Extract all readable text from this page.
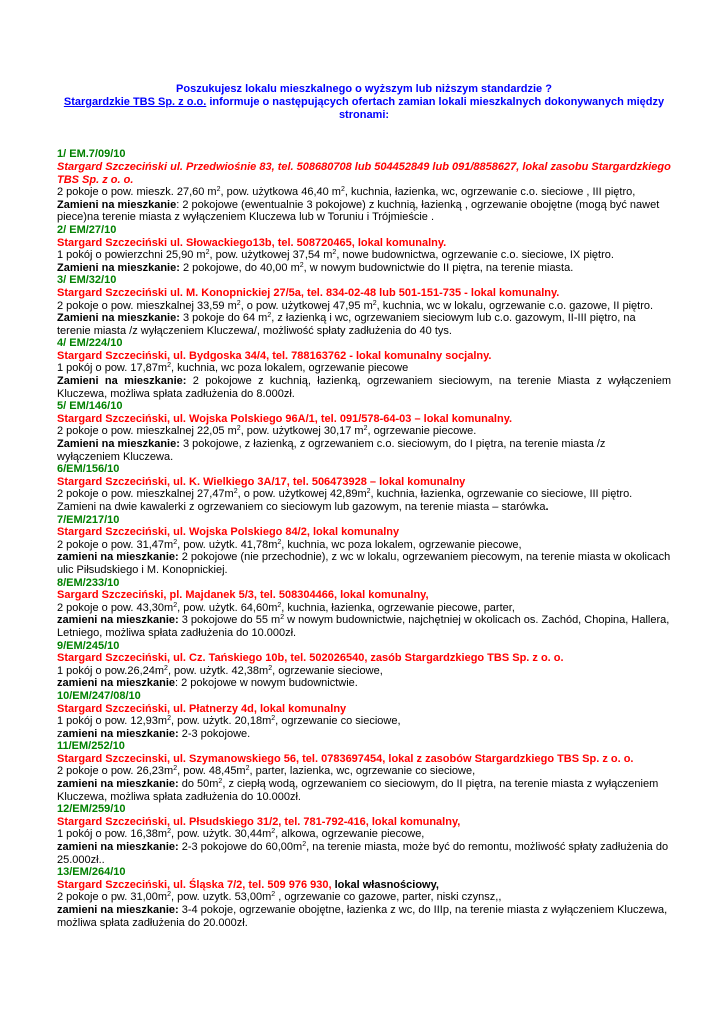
Poszukujesz lokalu mieszkalnego o wyższym lub niższym standardzie ?
Stargardzkie TBS Sp. z o.o. informuje o następujących ofertach zamian lokali mieszkalnych dokonywanych między stronami:
1/ EM.7/09/10
Stargard Szczeciński ul. Przedwiośnie 83, tel. 508680708 lub 504452849 lub 091/8858627, lokal zasobu Stargardzkiego TBS Sp. z o. o.
2 pokoje o pow. mieszk. 27,60 $m^2$, pow. użytkowa 46,40 $m^2$, kuchnia, łazienka, wc, ogrzewanie c.o. sieciowe , III piętro,
Zamieni na mieszkanie: 2 pokojowe (ewentualnie 3 pokojowe) z kuchnią, łazienką , ogrzewanie obojętne (mogą być nawet piece)na terenie miasta z wyłączeniem Kluczewa lub w Toruniu i Trójmieście .
2/ EM/27/10
Stargard Szczeciński ul. Słowackiego13b, tel. 508720465, lokal komunalny.
1 pokój o powierzchni 25,90 $m^2$, pow. użytkowej 37,54 $m^2$, nowe budownictwa, ogrzewanie c.o. sieciowe, IX piętro.
Zamieni na mieszkanie: 2 pokojowe, do 40,00 $m^2$, w nowym budownictwie do II piętra, na terenie miasta.
3/ EM/32/10
Stargard Szczeciński ul. M. Konopnickiej 27/5a, tel. 834-02-48 lub 501-151-735 - lokal komunalny.
2 pokoje o pow. mieszkalnej 33,59 $m^2$, o pow. użytkowej 47,95 $m^2$, kuchnia, wc w lokalu, ogrzewanie c.o. gazowe, II piętro.
Zamieni na mieszkanie: 3 pokoje do 64 $m^2$, z łazienką i wc, ogrzewaniem sieciowym lub c.o. gazowym, II-III piętro, na terenie miasta /z wyłączeniem Kluczewa/, możliwość spłaty zadłużenia do 40 tys.
4/ EM/224/10
Stargard Szczeciński, ul. Bydgoska 34/4, tel. 788163762 - lokal komunalny socjalny.
1 pokój o pow. $17,87m^2$, kuchnia, wc poza lokalem, ogrzewanie piecowe
Zamieni na mieszkanie: 2 pokojowe z kuchnią, łazienką, ogrzewaniem sieciowym, na terenie Miasta z wyłączeniem Kluczewa, możliwa spłata zadłużenia do 8.000zł.
5/ EM/146/10
Stargard Szczeciński, ul. Wojska Polskiego 96A/1, tel. 091/578-64-03 – lokal komunalny.
2 pokoje o pow. mieszkalnej 22,05 $m^2$, pow. użytkowej 30,17 $m^2$, ogrzewanie piecowe.
Zamieni na mieszkanie: 3 pokojowe, z łazienką, z ogrzewaniem c.o. sieciowym, do I piętra, na terenie miasta /z wyłączeniem Kluczewa.
6/EM/156/10
Stargard Szczeciński, ul. K. Wielkiego 3A/17, tel. 506473928 – lokal komunalny
2 pokoje o pow. mieszkalnej $27,47m^2$, o pow. użytkowej $42,89m^2$, kuchnia, łazienka, ogrzewanie co sieciowe, III piętro.
Zamieni na dwie kawalerki z ogrzewaniem co sieciowym lub gazowym, na terenie miasta – starówka.
7/EM/217/10
Stargard Szczeciński, ul. Wojska Polskiego 84/2, lokal komunalny
2 pokoje o pow. $31,47m^2$, pow. użytk. $41,78m^2$, kuchnia, wc poza lokalem, ogrzewanie piecowe,
zamieni na mieszkanie: 2 pokojowe (nie przechodnie), z wc w lokalu, ogrzewaniem piecowym, na terenie miasta w okolicach ulic Piłsudskiego i M. Konopnickiej.
8/EM/233/10
Sargard Szczeciński, pl. Majdanek 5/3, tel. 508304466, lokal komunalny,
2 pokoje o pow. $43,30m^2$, pow. użytk. $64,60m^2$, kuchnia, łazienka, ogrzewanie piecowe, parter,
zamieni na mieszkanie: 3 pokojowe do 55 $m^2$ w nowym budownictwie, najchętniej w okolicach os. Zachód, Chopina, Hallera, Letniego, możliwa spłata zadłużenia do 10.000zł.
9/EM/245/10
Stargard Szczeciński, ul. Cz. Tańskiego 10b, tel. 502026540, zasób Stargardzkiego TBS Sp. z o. o.
1 pokój o $pow.26,24m^2$, pow. użytk. $42,38m^2$, ogrzewanie sieciowe,
zamieni na mieszkanie: 2 pokojowe w nowym budownictwie.
10/EM/247/08/10
Stargard Szczeciński, ul. Płatnerzy 4d, lokal komunalny
1 pokój o pow. $12,93m^2$, pow. użytk. $20,18m^2$, ogrzewanie co sieciowe,
zamieni na mieszkanie: 2-3 pokojowe.
11/EM/252/10
Stargard Szczecinski, ul. Szymanowskiego 56, tel. 0783697454, lokal z zasobów Stargardzkiego TBS Sp. z o. o.
2 pokoje o pow. $26,23m^2$, pow. $48,45m^2$, parter, lazienka, wc, ogrzewanie co sieciowe,
zamieni na mieszkanie: do $50m^2$, z ciepłą wodą, ogrzewaniem co sieciowym, do II piętra, na terenie miasta z wyłączeniem Kluczewa, możliwa spłata zadłużenia do 10.000zł.
12/EM/259/10
Stargard Szczeciński, ul. Płsudskiego 31/2, tel. 781-792-416, lokal komunalny,
1 pokój o pow. $16,38m^2$, pow. użytk. $30,44m^2$, alkowa, ogrzewanie piecowe,
zamieni na mieszkanie: 2-3 pokojowe do $60,00m^2$, na terenie miasta, może być do remontu, możliwość spłaty zadłużenia do 25.000zł..
13/EM/264/10
Stargard Szczeciński, ul. Śląska 7/2, tel. 509 976 930, lokal własnościowy,
2 pokoje o pw. $31,00m^2$, pow. uzytk. $53,00m^2$ , ogrzewanie co gazowe, parter, niski czynsz,,
zamieni na mieszkanie: 3-4 pokoje, ogrzewanie obojętne, łazienka z wc, do IIIp, na terenie miasta z wyłączeniem Kluczewa, możliwa spłata zadłużenia do 20.000zł.
